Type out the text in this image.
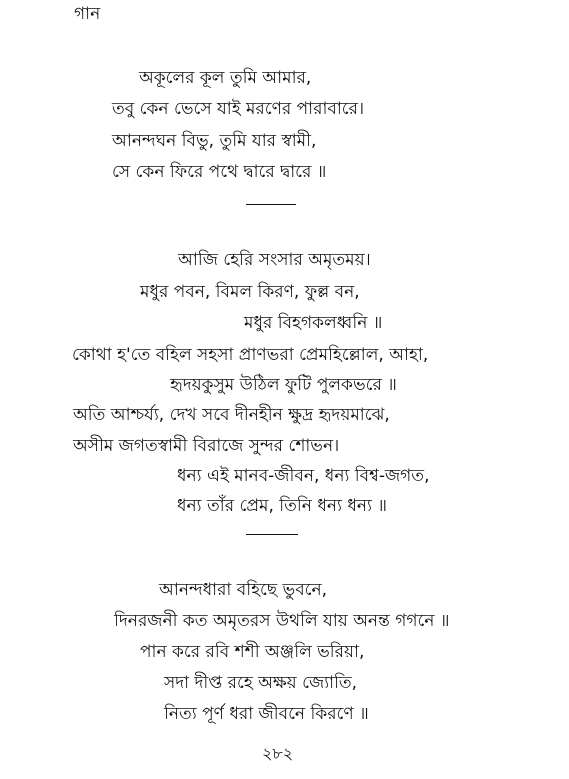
গান
অকূলের কূল তুমি আমার,
তবু কেন ভেসে যাই মরণের পারাবারে।
আনন্দঘন বিভু, তুমি যার স্বামী,
সে কেন ফিরে পথে দ্বারে দ্বারে ॥
আজি হেরি সংসার অমৃতময়।
মধুর পবন, বিমল কিরণ, ফুল্ল বন,
মধুর বিহগকলধ্বনি ॥
কোথা হ'তে বহিল সহসা প্রাণভরা প্রেমহিল্লোল, আহা,
হৃদয়কুসুম উঠিল ফুটি পুলকভরে ॥
অতি আশ্চর্য্য, দেখ সবে দীনহীন ক্ষুদ্র হৃদয়মাঝে,
অসীম জগতস্বামী বিরাজে সুন্দর শোভন।
ধন্য এই মানব-জীবন, ধন্য বিশ্ব-জগত,
ধন্য তাঁর প্রেম, তিনি ধন্য ধন্য ॥
আনন্দধারা বহিছে ভুবনে,
দিনরজনী কত অমৃতরস উথলি যায় অনন্ত গগনে ॥
পান করে রবি শশী অঞ্জলি ভরিয়া,
সদা দীপ্ত রহে অক্ষয় জ্যোতি,
নিত্য পূর্ণ ধরা জীবনে কিরণে ॥
২৮২
